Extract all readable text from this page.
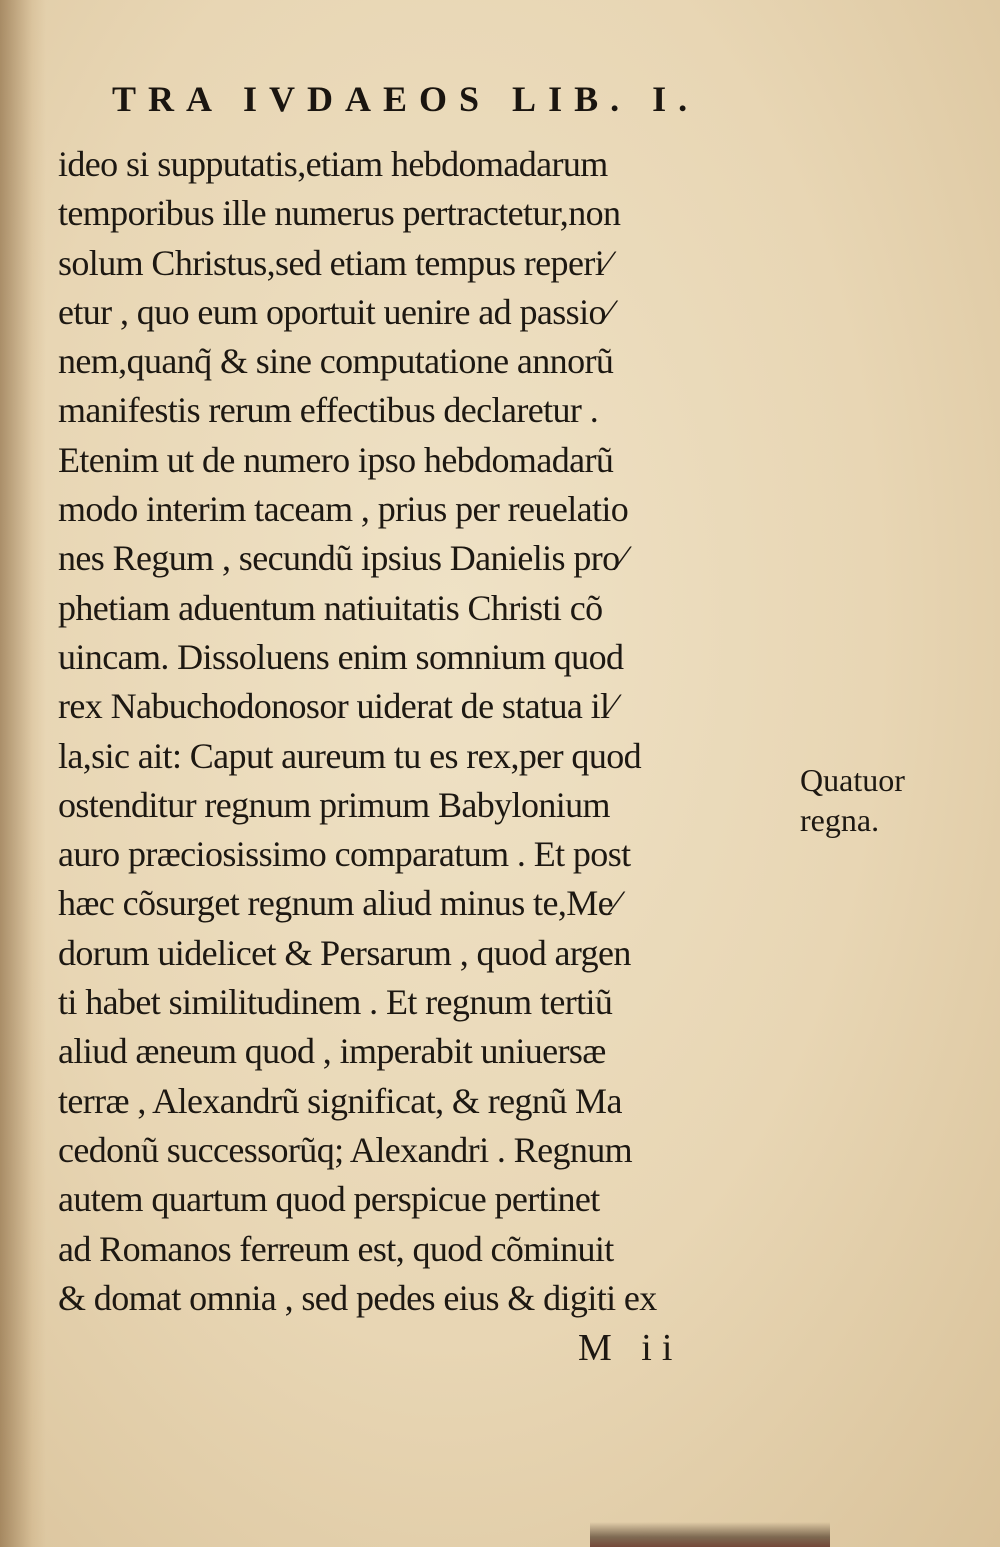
TRA IVDAEOS LIB. I.
ideo si supputatis,etiam hebdomadarum
temporibus ille numerus pertractetur,non
solum Christus,sed etiam tempus reperi⁄
etur , quo eum oportuit uenire ad passio⁄
nem,quanq̃ & sine computatione annorũ
manifestis rerum effectibus declaretur .
Etenim ut de numero ipso hebdomadarũ
modo interim taceam , prius per reuelatio
nes Regum , secundũ ipsius Danielis pro⁄
phetiam aduentum natiuitatis Christi cõ
uincam. Dissoluens enim somnium quod
rex Nabuchodonosor uiderat de statua il⁄
la,sic ait: Caput aureum tu es rex,per quod
ostenditur regnum primum Babylonium
auro præciosissimo comparatum . Et post
hæc cõsurget regnum aliud minus te,Me⁄
dorum uidelicet & Persarum , quod argen
ti habet similitudinem . Et regnum tertiũ
aliud æneum quod , imperabit uniuersæ
terræ , Alexandrũ significat, & regnũ Ma
cedonũ successorũq; Alexandri . Regnum
autem quartum quod perspicue pertinet
ad Romanos ferreum est, quod cõminuit
& domat omnia , sed pedes eius & digiti ex
Quatuor
regna.
M ii
